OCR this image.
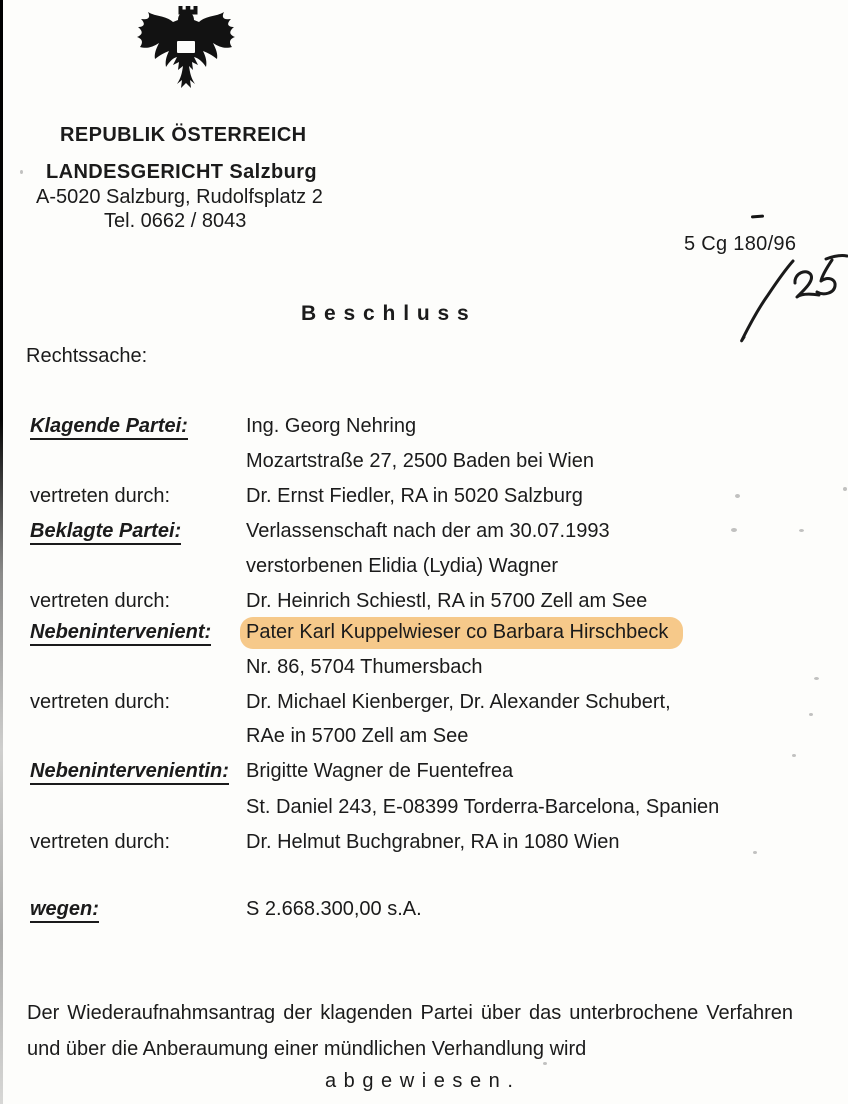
REPUBLIK ÖSTERREICH
LANDESGERICHT Salzburg
A-5020 Salzburg, Rudolfsplatz 2
Tel. 0662 / 8043
5 Cg 180/96
B e s c h l u s s
Rechtssache:
Klagende Partei:	Ing. Georg Nehring
Mozartstraße 27, 2500 Baden bei Wien
vertreten durch:	Dr. Ernst Fiedler, RA in 5020 Salzburg
Beklagte Partei:	Verlassenschaft nach der am 30.07.1993
verstorbenen Elidia (Lydia) Wagner
vertreten durch:	Dr. Heinrich Schiestl, RA in 5700 Zell am See
Nebenintervenient: Pater Karl Kuppelwieser co Barbara Hirschbeck
Nr. 86, 5704 Thumersbach
vertreten durch:	Dr. Michael Kienberger, Dr. Alexander Schubert,
RAe in 5700 Zell am See
Nebenintervenientin: Brigitte Wagner de Fuentefrea
St. Daniel 243, E-08399 Torderra-Barcelona, Spanien
vertreten durch:	Dr. Helmut Buchgrabner, RA in 1080 Wien
wegen:	S 2.668.300,00 s.A.
Der Wiederaufnahmsantrag der klagenden Partei über das unterbrochene Verfahren
und über die Anberaumung einer mündlichen Verhandlung wird
a b g e w i e s e n .
